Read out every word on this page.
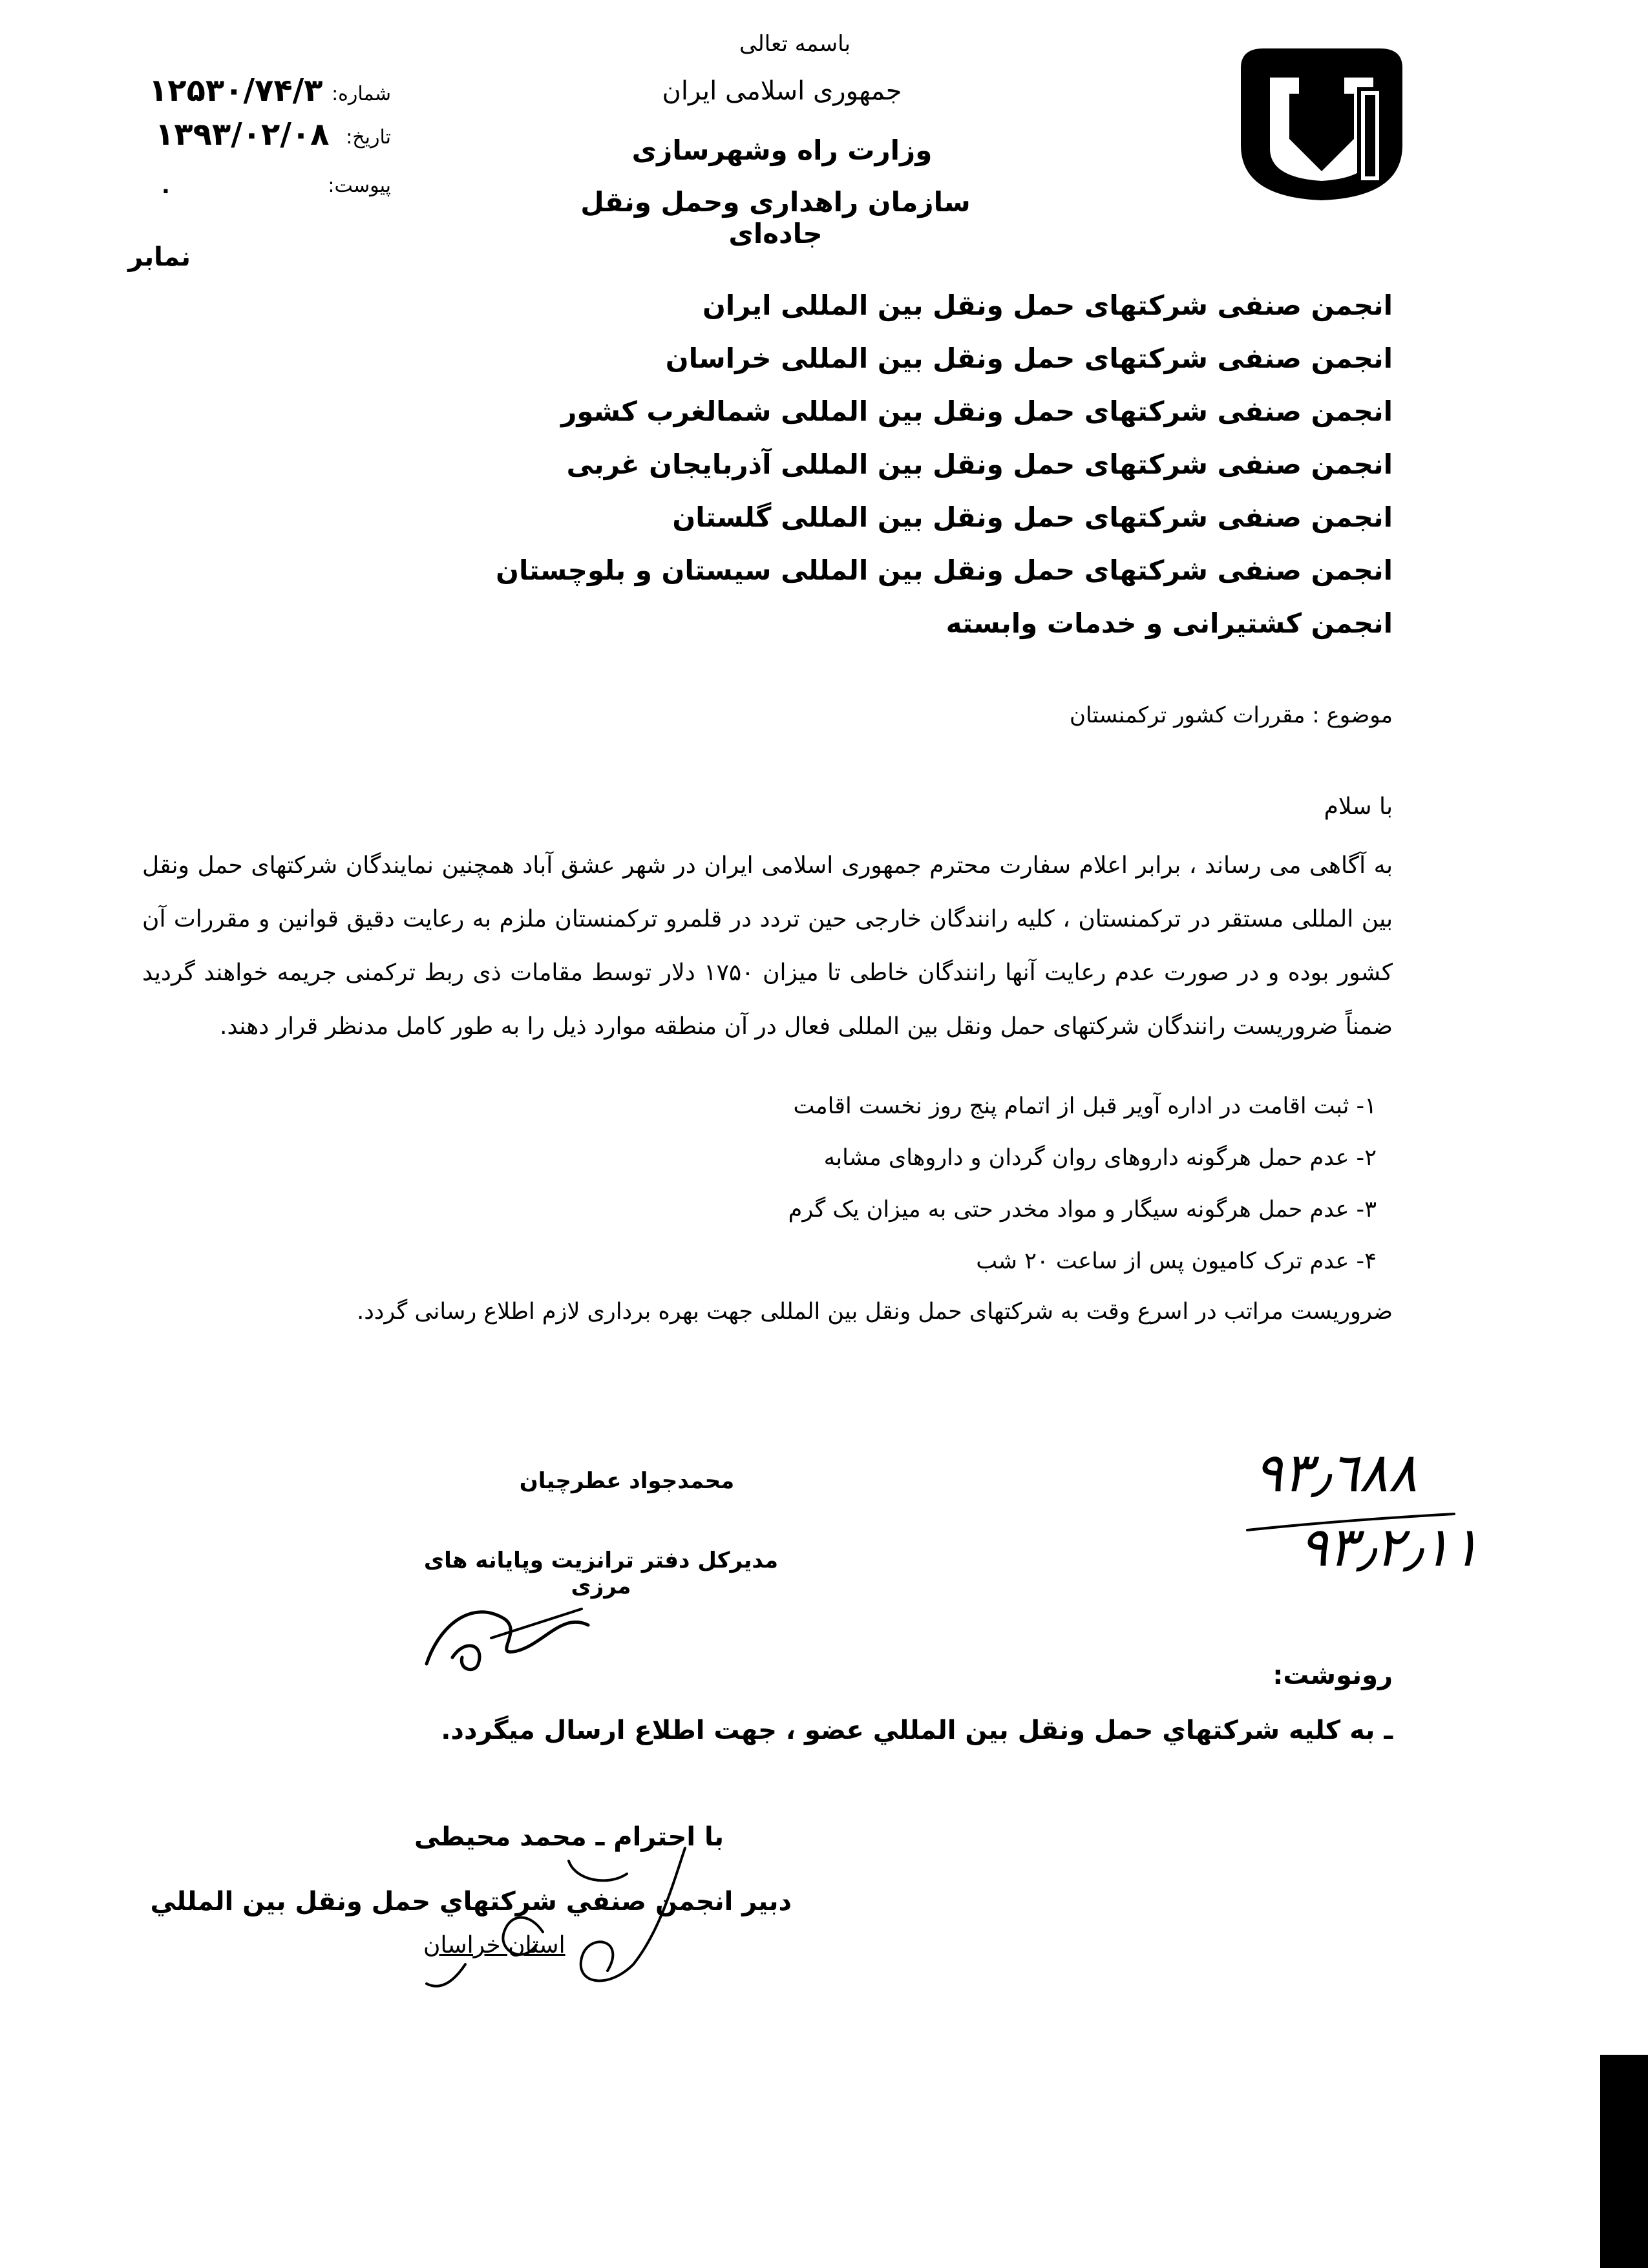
باسمه تعالی
جمهوری اسلامی ایران
وزارت راه وشهرسازی
سازمان راهداری وحمل ونقل جاده‌ای
شماره:
۱۲۵۳۰/۷۴/۳
تاریخ:
۱۳۹۳/۰۲/۰۸
پیوست:
.
نمابر
انجمن صنفی شرکتهای حمل ونقل بین المللی ایران
انجمن صنفی شرکتهای حمل ونقل بین المللی خراسان
انجمن صنفی شرکتهای حمل ونقل بین المللی شمالغرب کشور
انجمن صنفی شرکتهای حمل ونقل بین المللی آذربایجان غربی
انجمن صنفی شرکتهای حمل ونقل بین المللی گلستان
انجمن صنفی شرکتهای حمل ونقل بین المللی سیستان و بلوچستان
انجمن کشتیرانی و خدمات وابسته
موضوع : مقررات کشور ترکمنستان
با سلام
به آگاهی می رساند ، برابر اعلام سفارت محترم جمهوری اسلامی ایران در شهر عشق آباد همچنین نمایندگان شرکتهای حمل ونقل بین المللی مستقر در ترکمنستان ، کلیه رانندگان خارجی حین تردد در قلمرو ترکمنستان ملزم به رعایت دقیق قوانین و مقررات آن کشور بوده و در صورت عدم رعایت آنها رانندگان خاطی تا میزان ۱۷۵۰ دلار توسط مقامات ذی ربط ترکمنی جریمه خواهند گردید ضمناً ضروریست رانندگان شرکتهای حمل ونقل بین المللی فعال در آن منطقه موارد ذیل را به طور کامل مدنظر قرار دهند.
۱- ثبت اقامت در اداره آویر قبل از اتمام پنج روز نخست اقامت
۲- عدم حمل هرگونه داروهای روان گردان و داروهای مشابه
۳- عدم حمل هرگونه سیگار و مواد مخدر حتی به میزان یک گرم
۴- عدم ترک کامیون پس از ساعت ۲۰ شب
ضروریست مراتب در اسرع وقت به شرکتهای حمل ونقل بین المللی جهت بهره برداری لازم اطلاع رسانی گردد.
محمدجواد عطرچیان
مدیرکل دفتر ترانزیت وپایانه های مرزی
۹۳٫٦۸۸
۹۳٫۲٫۱۱
رونوشت:
ـ به كليه شركتهاي حمل ونقل بين المللي عضو ، جهت اطلاع ارسال ميگردد.
با احترام ـ محمد محیطی
دبير انجمن صنفي شركتهاي حمل ونقل بين المللي
استان خراسان
